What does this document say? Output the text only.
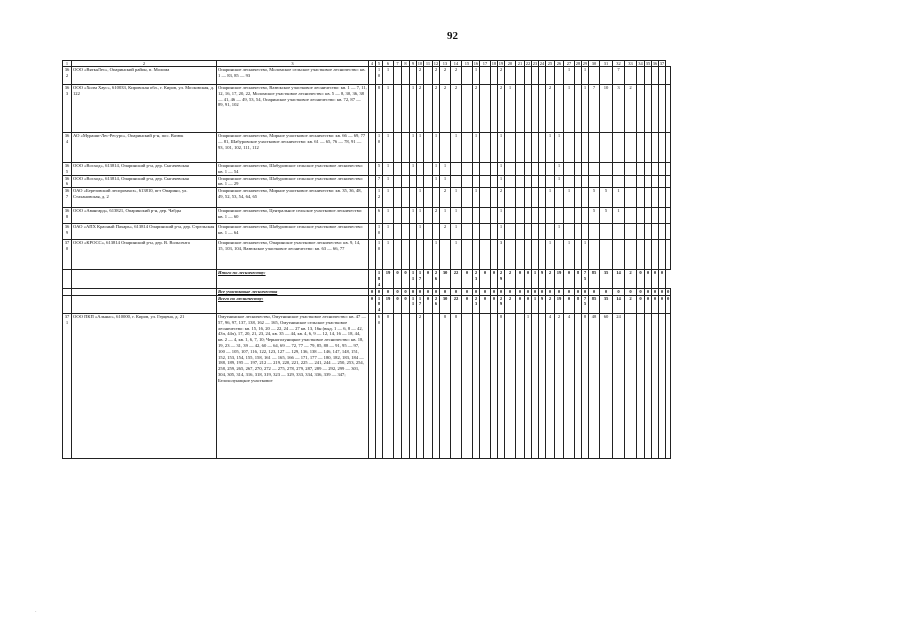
92
1	2	3	4	5	6	7	8	9	10	11	12	13	14	15	16	17	18	19	20	21	22	23	24	25	26	27	28	29	30	31	32	33	34	35	36	37	
362	ООО «ВяткаЛес», Опаринский район, п. Молома	Опаринское лесничество, Моломское сельское участковое лесничество: кв. 1 — 83, 85 — 93		10	1				2		2	2	2		1			2								1		1			7						
363	ООО «Холм Хаус», 610033, Кировская обл., г. Киров, ул. Московская, д. 122	Опаринское лесничество, Вазюкское участковое лесничество: кв. 1 — 7, 11, 12, 16, 17, 20, 22, Моломское участковое лесничество: кв. 5 — 8, 30, 36, 38 — 41, 46 — 49, 53, 54, Опаринское участковое лесничество: кв. 72, 87 — 89, 91, 102		8	1			1	2		2	2	2		2			2	1					2		1		1	7	10	3	2					
364	АО «Мураши-Лес-Ресурс», Опаринский р-н, пос. Вазюк	Опаринское лесничество, Мирное участковое лесничество: кв. 66 — 69, 77 — 81, Шабуровское участковое лесничество: кв. 61 — 65, 76 — 78, 91 — 93, 101, 102, 111, 112		10	1			1	1		1		1		1			1						1	1												
365	ООО «Восход», 613814, Опаринский р-н, дер. Сыгачевская	Опаринское лесничество, Шабуровское сельское участковое лесничество: кв. 1 — 54		5	1			1			1	1						1							1												
366	ООО «Восход», 613814, Опаринский р-н, дер. Сыгачевская	Опаринское лесничество, Шабуровское сельское участковое лесничество: кв. 1 — 29		7	1						1	1						1							1												
367	ОАО «Березовский леспромхоз», 613810, пгт Опарино, ул. Стахановская, д. 2	Опаринское лесничество, Мирное участковое лесничество: кв. 35, 36, 48, 49, 52, 53, 54, 64, 65		12	1				1			2	1		1			2						1		1			5	5	1						
368	ООО «Авангард», 613821, Опаринский р-н, дер. Чабды	Опаринское лесничество, Центральное сельское участковое лесничество: кв. 1 — 60		6	1			1	1		2	1	1					1											5	5	1						
369	ОАО «АПХ Красный Пахарь», 613814 Опаринский р-н, дер. Стрельская	Опаринское лесничество, Шабуровское сельское участковое лесничество: кв. 1 — 64		10	1				1			2	1					1							1												
370	ООО «КРОСС», 613814 Опаринский р-н, дер. В. Вольсента	Опаринское лесничество, Опаринское участковое лесничество: кв. 9, 14, 15, 103, 104, Вазюкское участковое лесничество: кв. 63 — 66, 77		10	1						1		1					3						1		1		1									
		Итого по лесничеству:		184	19	0	0	11	17	0	26	30	22	0	23	0	0	29	2	0	0	1	9	2	19	0	8	75	85	35	14	2	0	0	0	0	
		Все участковые лесничества	0	0	0	0	0	0	0	0	0	0	0	0	0	0	0	0	0	0	0	0	0	0	0	0	0	0	0	0	0	0	0	0	0	0	0
		Всего по лесничеству:	0	184	19	0	0	11	17	0	26	30	22	0	23	0	0	29	2	0	0	1	9	2	19	0	8	75	85	35	14	2	0	0	0	0	0
371	ООО ПКП «Альянс», 610000, г. Киров, ул. Герцена, д. 21	Омутнинское лесничество, Омутнинское участковое лесничество: кв. 47 — 57, 96, 97, 137, 138, 162 — 165, Омутнинское сельское участковое лесничество: кв. 15, 16, 20 — 22, 24 — 27 кв. 13, 16н (выд. 1 — 6, 8 — 42, 43ч, 44ч), 17, 20, 21, 23, 24, кв. 35 — 44, кв. 4, 6, 9 — 12, 14, 16 — 18, 44, кв. 2 — 4, кв. 1, 6, 7, 10; Черноголуницкое участковое лесничество: кв. 18, 19, 23 — 31, 39 — 42, 60 — 64, 69 — 72, 77 — 79, 85, 88 — 91, 95 — 97, 100 — 105, 107, 116, 122, 123, 127 — 129, 136, 138 — 146, 147, 148, 151, 152, 153, 154, 155, 158, 161 — 165, 166 — 171, 177 — 180, 182, 183, 184 — 188, 189, 195 — 197, 212 — 219, 220, 221, 225 — 241, 244 — 250, 253, 254, 258, 259, 265, 267, 270, 272 — 275, 278, 279, 287, 289 — 292, 299 — 301, 304, 305, 314, 316, 318, 319, 323 — 329, 333, 334, 336, 339 — 347; Белохолуницкое участковое		60	8				2			8	8					8			1			4	2	4		8	48	60	24						
·
